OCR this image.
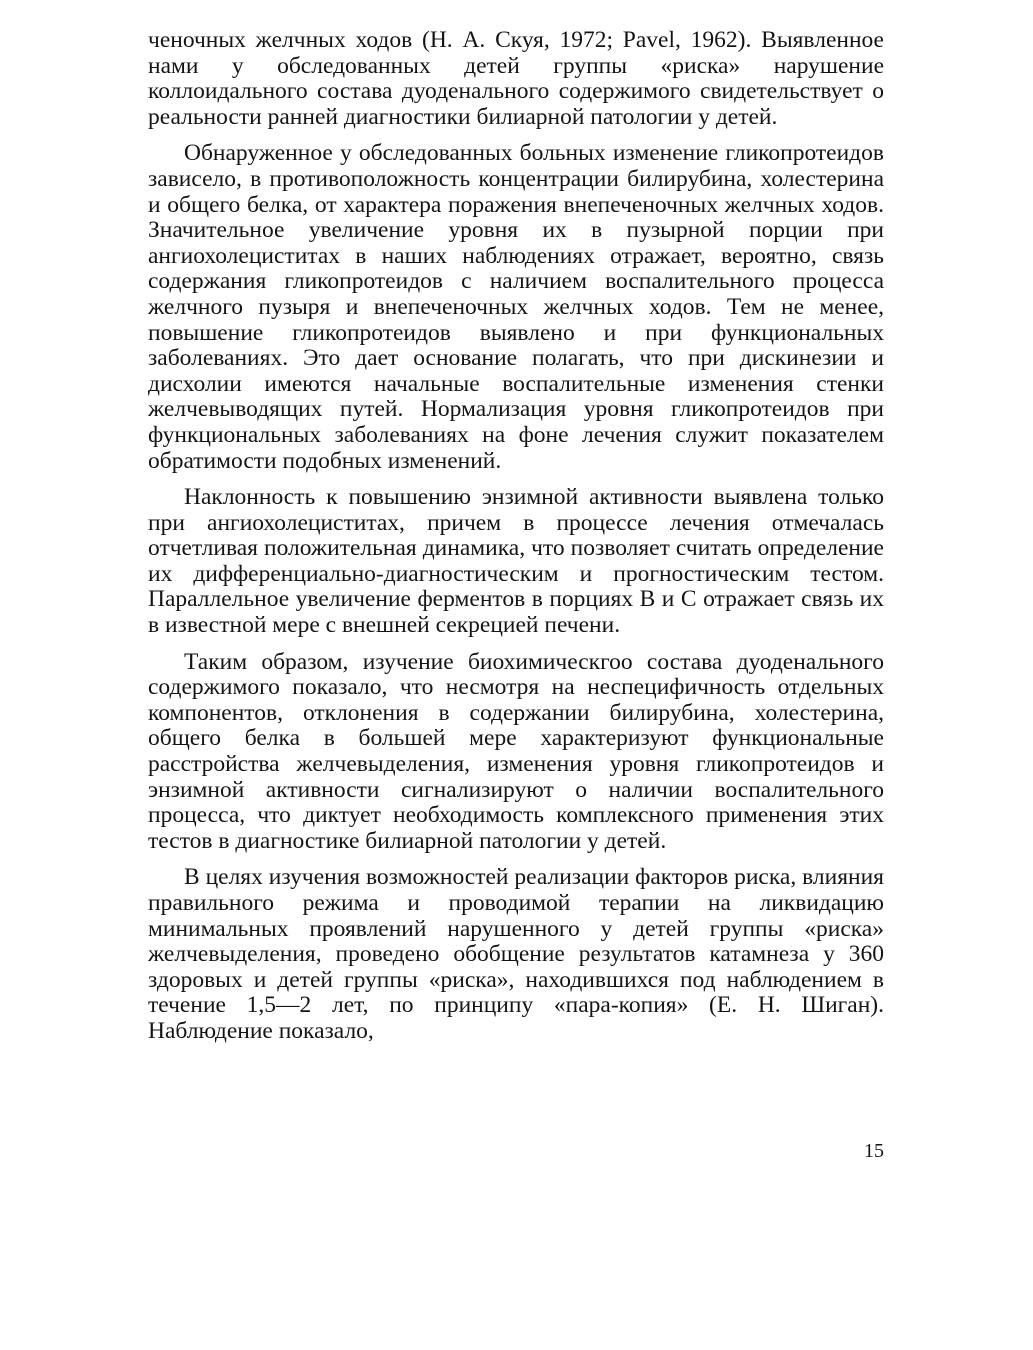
ченочных желчных ходов (Н. А. Скуя, 1972; Pavel, 1962). Выявленное нами у обследованных детей группы «риска» нарушение коллоидального состава дуоденального содержимого свидетельствует о реальности ранней диагностики билиарной патологии у детей.

Обнаруженное у обследованных больных изменение гликопротеидов зависело, в противоположность концентрации билирубина, холестерина и общего белка, от характера поражения внепеченочных желчных ходов. Значительное увеличение уровня их в пузырной порции при ангиохолециститах в наших наблюдениях отражает, вероятно, связь содержания гликопротеидов с наличием воспалительного процесса желчного пузыря и внепеченочных желчных ходов. Тем не менее, повышение гликопротеидов выявлено и при функциональных заболеваниях. Это дает основание полагать, что при дискинезии и дисхолии имеются начальные воспалительные изменения стенки желчевыводящих путей. Нормализация уровня гликопротеидов при функциональных заболеваниях на фоне лечения служит показателем обратимости подобных изменений.

Наклонность к повышению энзимной активности выявлена только при ангиохолециститах, причем в процессе лечения отмечалась отчетливая положительная динамика, что позволяет считать определение их дифференциально-диагностическим и прогностическим тестом. Параллельное увеличение ферментов в порциях В и С отражает связь их в известной мере с внешней секрецией печени.

Таким образом, изучение биохимическгоо состава дуоденального содержимого показало, что несмотря на неспецифичность отдельных компонентов, отклонения в содержании билирубина, холестерина, общего белка в большей мере характеризуют функциональные расстройства желчевыделения, изменения уровня гликопротеидов и энзимной активности сигнализируют о наличии воспалительного процесса, что диктует необходимость комплексного применения этих тестов в диагностике билиарной патологии у детей.

В целях изучения возможностей реализации факторов риска, влияния правильного режима и проводимой терапии на ликвидацию минимальных проявлений нарушенного у детей группы «риска» желчевыделения, проведено обобщение результатов катамнеза у 360 здоровых и детей группы «риска», находившихся под наблюдением в течение 1,5—2 лет, по принципу «пара-копия» (Е. Н. Шиган). Наблюдение показало,

15
